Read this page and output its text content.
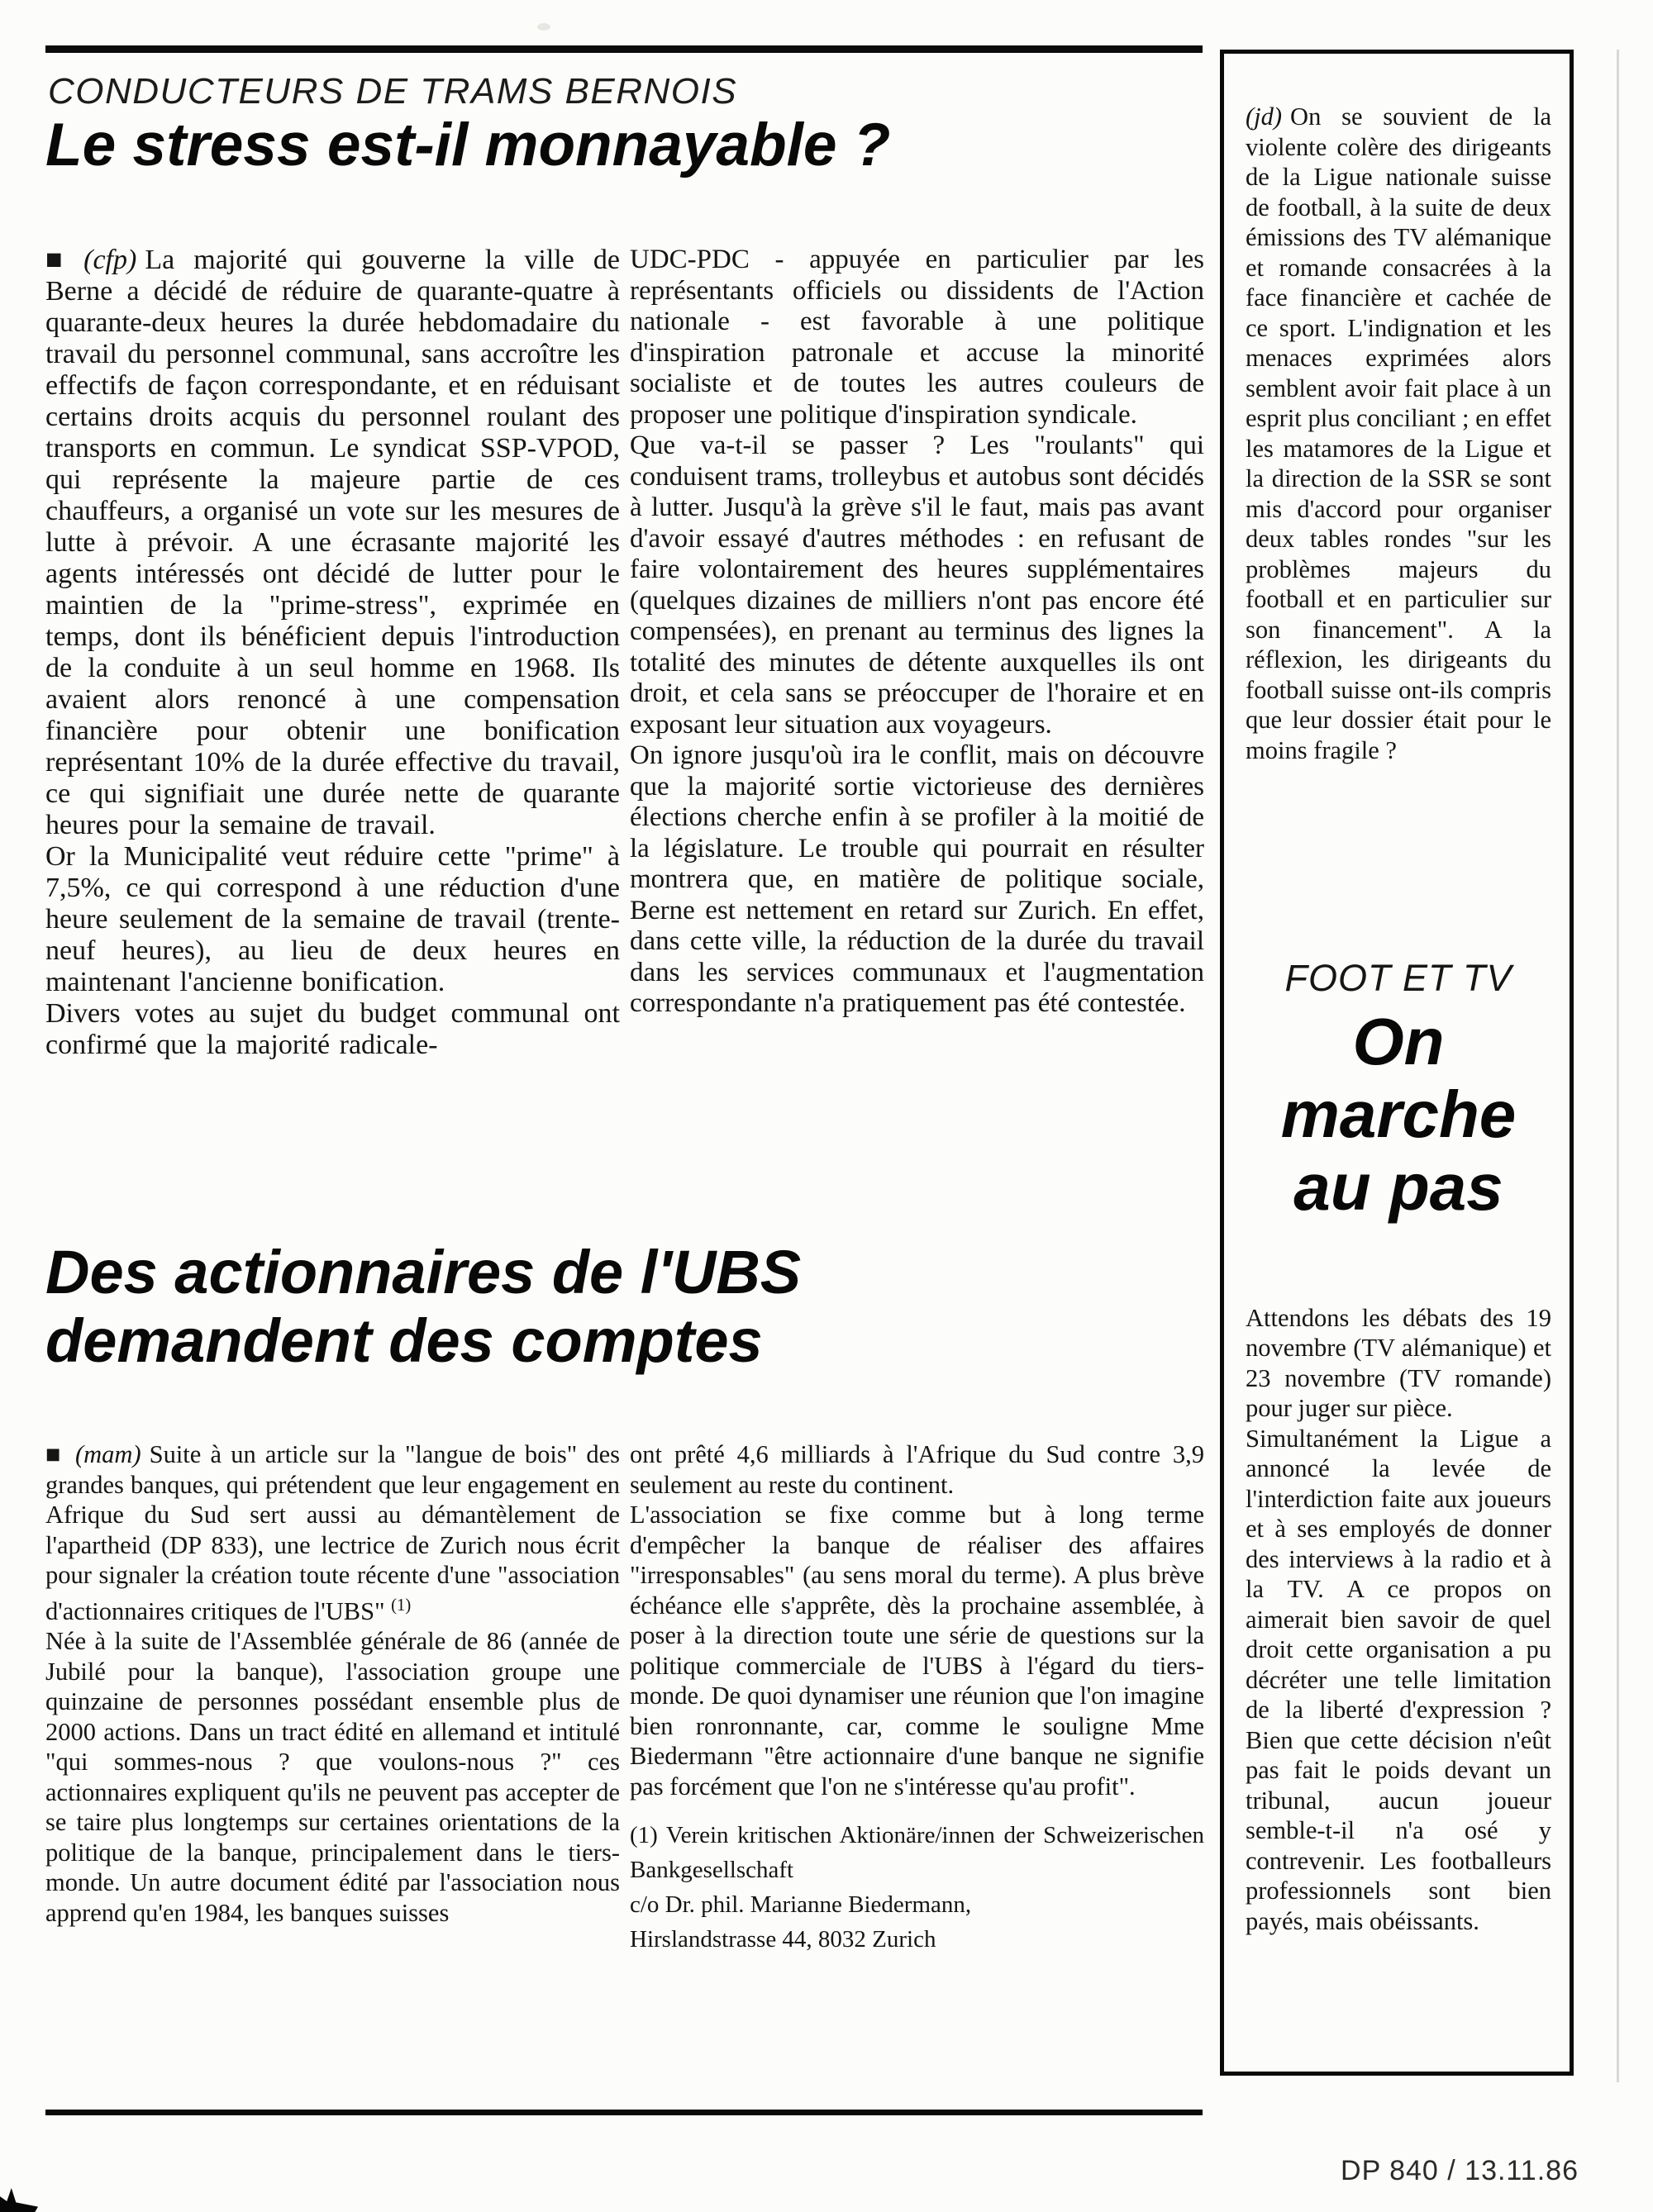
CONDUCTEURS DE TRAMS BERNOIS
Le stress est-il monnayable ?

■ (cfp) La majorité qui gouverne la ville de Berne a décidé de réduire de quarante-quatre à quarante-deux heures la durée hebdomadaire du travail du personnel communal, sans accroître les effectifs de façon correspondante, et en réduisant certains droits acquis du personnel roulant des transports en commun. Le syndicat SSP-VPOD, qui représente la majeure partie de ces chauffeurs, a organisé un vote sur les mesures de lutte à prévoir. A une écrasante majorité les agents intéressés ont décidé de lutter pour le maintien de la "prime-stress", exprimée en temps, dont ils bénéficient depuis l'introduction de la conduite à un seul homme en 1968. Ils avaient alors renoncé à une compensation financière pour obtenir une bonification représentant 10% de la durée effective du travail, ce qui signifiait une durée nette de quarante heures pour la semaine de travail.

Or la Municipalité veut réduire cette "prime" à 7,5%, ce qui correspond à une réduction d'une heure seulement de la semaine de travail (trente-neuf heures), au lieu de deux heures en maintenant l'ancienne bonification.

Divers votes au sujet du budget communal ont confirmé que la majorité radicale-

UDC-PDC - appuyée en particulier par les représentants officiels ou dissidents de l'Action nationale - est favorable à une politique d'inspiration patronale et accuse la minorité socialiste et de toutes les autres couleurs de proposer une politique d'inspiration syndicale.

Que va-t-il se passer ? Les "roulants" qui conduisent trams, trolleybus et autobus sont décidés à lutter. Jusqu'à la grève s'il le faut, mais pas avant d'avoir essayé d'autres méthodes : en refusant de faire volontairement des heures supplémentaires (quelques dizaines de milliers n'ont pas encore été compensées), en prenant au terminus des lignes la totalité des minutes de détente auxquelles ils ont droit, et cela sans se préoccuper de l'horaire et en exposant leur situation aux voyageurs.

On ignore jusqu'où ira le conflit, mais on découvre que la majorité sortie victorieuse des dernières élections cherche enfin à se profiler à la moitié de la législature. Le trouble qui pourrait en résulter montrera que, en matière de politique sociale, Berne est nettement en retard sur Zurich. En effet, dans cette ville, la réduction de la durée du travail dans les services communaux et l'augmentation correspondante n'a pratiquement pas été contestée.

Des actionnaires de l'UBS
demandent des comptes

■ (mam) Suite à un article sur la "langue de bois" des grandes banques, qui prétendent que leur engagement en Afrique du Sud sert aussi au démantèlement de l'apartheid (DP 833), une lectrice de Zurich nous écrit pour signaler la création toute récente d'une "association d'actionnaires critiques de l'UBS" $^{(1)}$

Née à la suite de l'Assemblée générale de 86 (année de Jubilé pour la banque), l'association groupe une quinzaine de personnes possédant ensemble plus de 2000 actions. Dans un tract édité en allemand et intitulé "qui sommes-nous ? que voulons-nous ?" ces actionnaires expliquent qu'ils ne peuvent pas accepter de se taire plus longtemps sur certaines orientations de la politique de la banque, principalement dans le tiers-monde. Un autre document édité par l'association nous apprend qu'en 1984, les banques suisses

ont prêté 4,6 milliards à l'Afrique du Sud contre 3,9 seulement au reste du continent.

L'association se fixe comme but à long terme d'empêcher la banque de réaliser des affaires "irresponsables" (au sens moral du terme). A plus brève échéance elle s'apprête, dès la prochaine assemblée, à poser à la direction toute une série de questions sur la politique commerciale de l'UBS à l'égard du tiers-monde. De quoi dynamiser une réunion que l'on imagine bien ronronnante, car, comme le souligne Mme Biedermann "être actionnaire d'une banque ne signifie pas forcément que l'on ne s'intéresse qu'au profit".

(1) Verein kritischen Aktionäre/innen der Schweizerischen Bankgesellschaft
c/o Dr. phil. Marianne Biedermann,
Hirslandstrasse 44, 8032 Zurich

(jd) On se souvient de la violente colère des dirigeants de la Ligue nationale suisse de football, à la suite de deux émissions des TV alémanique et romande consacrées à la face financière et cachée de ce sport. L'indignation et les menaces exprimées alors semblent avoir fait place à un esprit plus conciliant ; en effet les matamores de la Ligue et la direction de la SSR se sont mis d'accord pour organiser deux tables rondes "sur les problèmes majeurs du football et en particulier sur son financement". A la réflexion, les dirigeants du football suisse ont-ils compris que leur dossier était pour le moins fragile ?

FOOT ET TV
On marche au pas

Attendons les débats des 19 novembre (TV alémanique) et 23 novembre (TV romande) pour juger sur pièce.

Simultanément la Ligue a annoncé la levée de l'interdiction faite aux joueurs et à ses employés de donner des interviews à la radio et à la TV. A ce propos on aimerait bien savoir de quel droit cette organisation a pu décréter une telle limitation de la liberté d'expression ? Bien que cette décision n'eût pas fait le poids devant un tribunal, aucun joueur semble-t-il n'a osé y contrevenir. Les footballeurs professionnels sont bien payés, mais obéissants.

DP 840 / 13.11.86
